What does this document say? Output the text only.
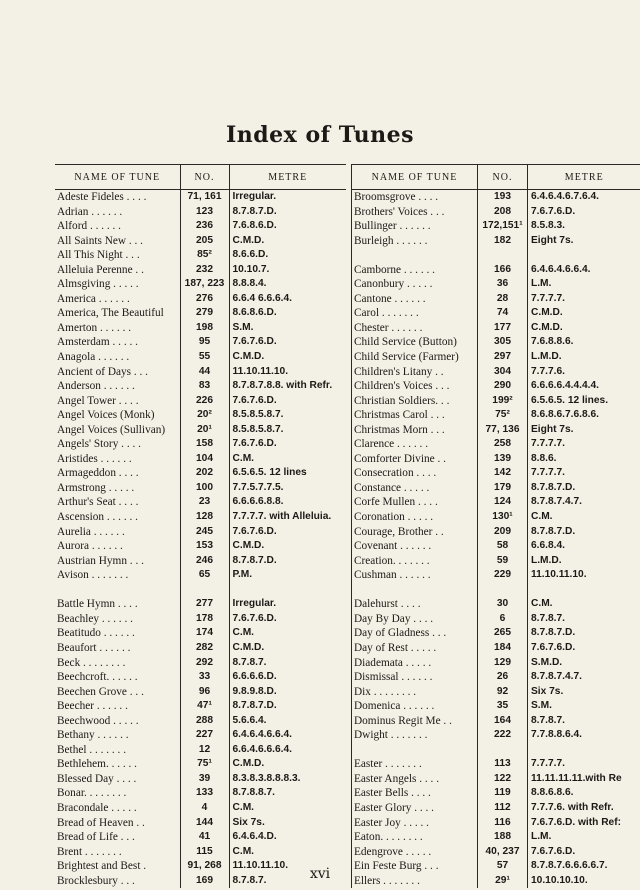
Index of Tunes
NAME OF TUNE	NO.	METRE
Adeste Fideles . . . .	71, 161	Irregular.
Adrian . . . . . .	123	8.7.8.7.D.
Alford . . . . . .	236	7.6.8.6.D.
All Saints New . . .	205	C.M.D.
All This Night . . .	85²	8.6.6.D.
Alleluia Perenne . .	232	10.10.7.
Almsgiving . . . . .	187, 223	8.8.8.4.
America . . . . . .	276	6.6.4 6.6.6.4.
America, The Beautiful	279	8.6.8.6.D.
Amerton . . . . . .	198	S.M.
Amsterdam . . . . .	95	7.6.7.6.D.
Anagola . . . . . .	55	C.M.D.
Ancient of Days . . .	44	11.10.11.10.
Anderson . . . . . .	83	8.7.8.7.8.8. with Refr.
Angel Tower . . . .	226	7.6.7.6.D.
Angel Voices (Monk)	20²	8.5.8.5.8.7.
Angel Voices (Sullivan)	20¹	8.5.8.5.8.7.
Angels' Story . . . .	158	7.6.7.6.D.
Aristides . . . . . .	104	C.M.
Armageddon . . . .	202	6.5.6.5. 12 lines
Armstrong . . . . .	100	7.7.5.7.7.5.
Arthur's Seat . . . .	23	6.6.6.6.8.8.
Ascension . . . . . .	128	7.7.7.7. with Alleluia.
Aurelia . . . . . .	245	7.6.7.6.D.
Aurora . . . . . .	153	C.M.D.
Austrian Hymn . . .	246	8.7.8.7.D.
Avison . . . . . . .	65	P.M.

Battle Hymn . . . .	277	Irregular.
Beachley . . . . . .	178	7.6.7.6.D.
Beatitudo . . . . . .	174	C.M.
Beaufort . . . . . .	282	C.M.D.
Beck . . . . . . . .	292	8.7.8.7.
Beechcroft. . . . . .	33	6.6.6.6.D.
Beechen Grove . . .	96	9.8.9.8.D.
Beecher . . . . . .	47¹	8.7.8.7.D.
Beechwood . . . . .	288	5.6.6.4.
Bethany . . . . . .	227	6.4.6.4.6.6.4.
Bethel . . . . . . .	12	6.6.4.6.6.6.4.
Bethlehem. . . . . .	75¹	C.M.D.
Blessed Day . . . .	39	8.3.8.3.8.8.8.3.
Bonar. . . . . . . .	133	8.7.8.8.7.
Bracondale . . . . .	4	C.M.
Bread of Heaven . .	144	Six 7s.
Bread of Life . . .	41	6.4.6.4.D.
Brent . . . . . . .	115	C.M.
Brightest and Best .	91, 268	11.10.11.10.
Brocklesbury . . .	169	8.7.8.7.
NAME OF TUNE	NO.	METRE
Broomsgrove . . . .	193	6.4.6.4.6.7.6.4.
Brothers' Voices . . .	208	7.6.7.6.D.
Bullinger . . . . . .	172,151¹	8.5.8.3.
Burleigh . . . . . .	182	Eight 7s.

Camborne . . . . . .	166	6.4.6.4.6.6.4.
Canonbury . . . . .	36	L.M.
Cantone . . . . . .	28	7.7.7.7.
Carol . . . . . . .	74	C.M.D.
Chester . . . . . .	177	C.M.D.
Child Service (Button)	305	7.6.8.8.6.
Child Service (Farmer)	297	L.M.D.
Children's Litany . .	304	7.7.7.6.
Children's Voices . . .	290	6.6.6.6.4.4.4.4.
Christian Soldiers. . .	199²	6.5.6.5. 12 lines.
Christmas Carol . . .	75²	8.6.8.6.7.6.8.6.
Christmas Morn . . .	77, 136	Eight 7s.
Clarence . . . . . .	258	7.7.7.7.
Comforter Divine . .	139	8.8.6.
Consecration . . . .	142	7.7.7.7.
Constance . . . . .	179	8.7.8.7.D.
Corfe Mullen . . . .	124	8.7.8.7.4.7.
Coronation . . . . .	130¹	C.M.
Courage, Brother . .	209	8.7.8.7.D.
Covenant . . . . . .	58	6.6.8.4.
Creation. . . . . . .	59	L.M.D.
Cushman . . . . . .	229	11.10.11.10.

Dalehurst . . . .	30	C.M.
Day By Day . . . .	6	8.7.8.7.
Day of Gladness . . .	265	8.7.8.7.D.
Day of Rest . . . . .	184	7.6.7.6.D.
Diademata . . . . .	129	S.M.D.
Dismissal . . . . . .	26	8.7.8.7.4.7.
Dix . . . . . . . .	92	Six 7s.
Domenica . . . . . .	35	S.M.
Dominus Regit Me . .	164	8.7.8.7.
Dwight . . . . . . .	222	7.7.8.8.6.4.

Easter . . . . . . .	113	7.7.7.7.
Easter Angels . . . .	122	11.11.11.11.with Re
Easter Bells . . . .	119	8.8.6.8.6.
Easter Glory . . . .	112	7.7.7.6. with Refr.
Easter Joy . . . . .	116	7.6.7.6.D. with Ref:
Eaton. . . . . . . .	188	L.M.
Edengrove . . . . .	40, 237	7.6.7.6.D.
Ein Feste Burg . . .	57	8.7.8.7.6.6.6.6.7.
Ellers . . . . . . .	29¹	10.10.10.10.
xvi
